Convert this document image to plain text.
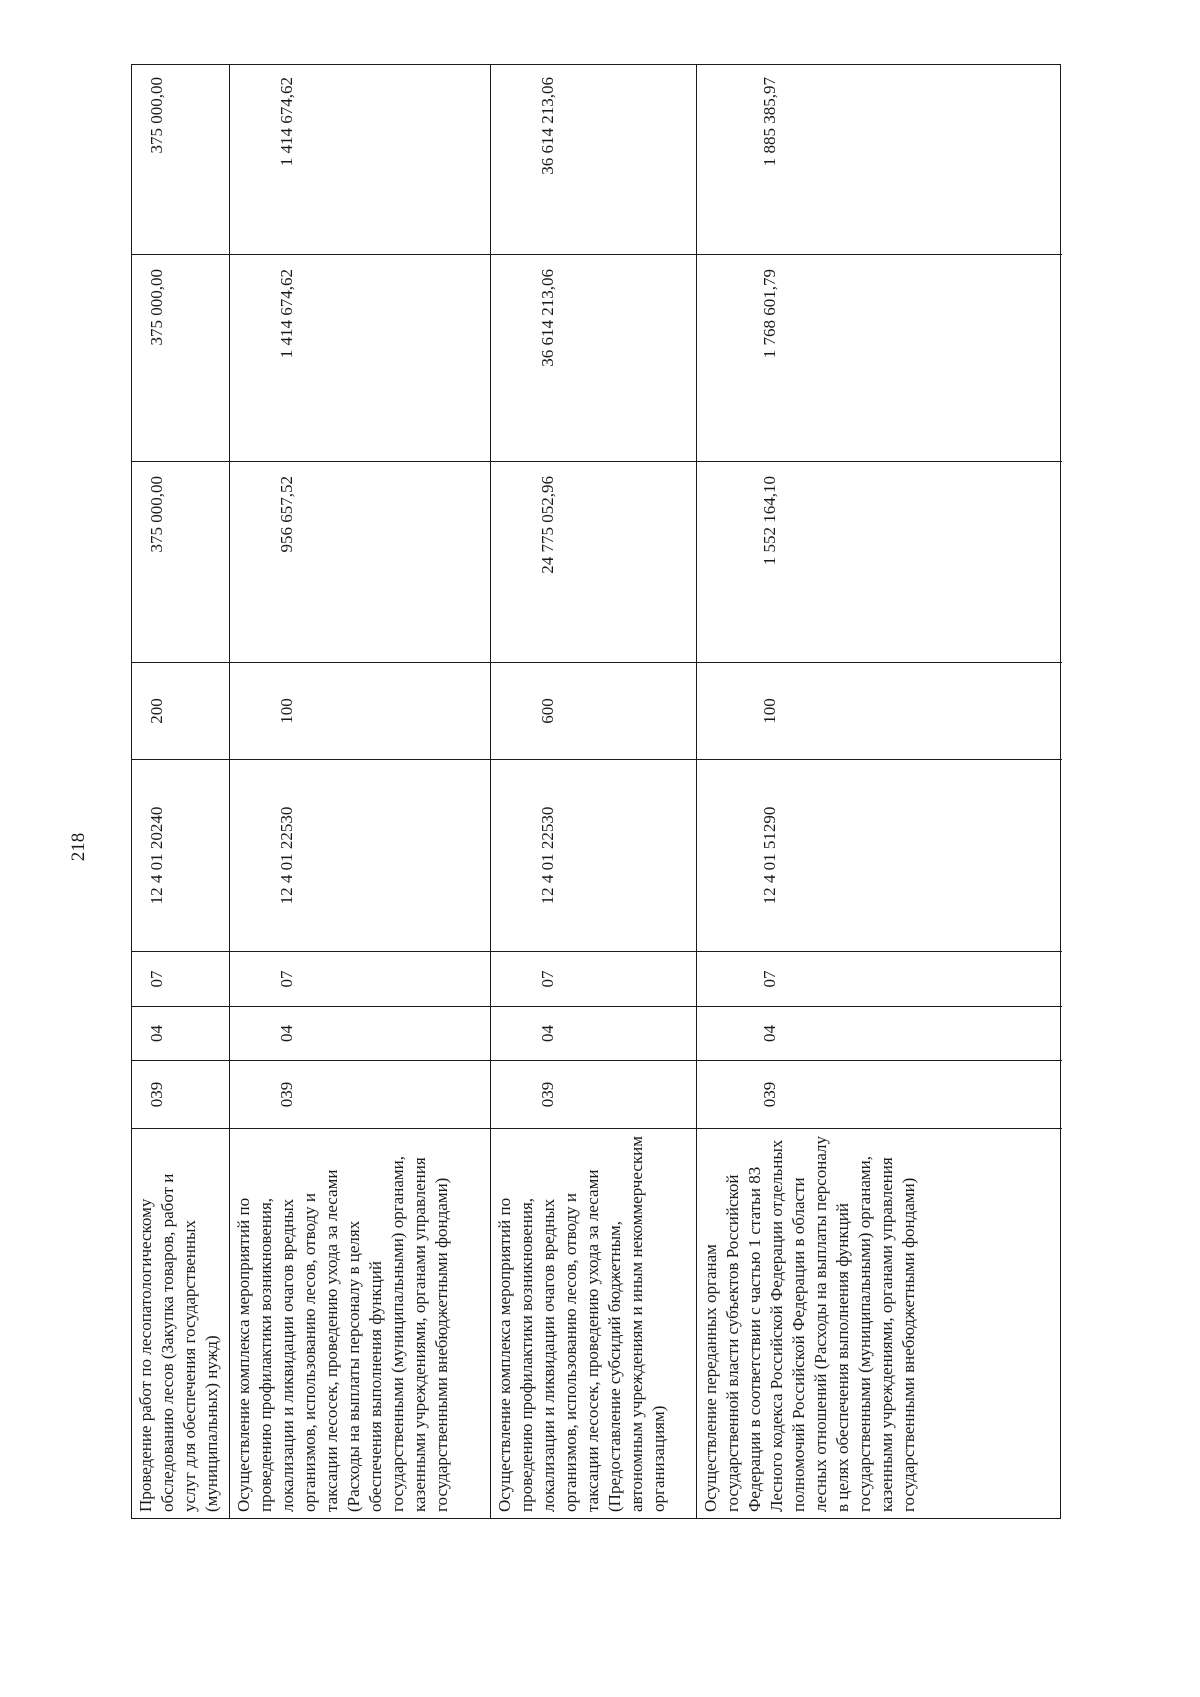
218
Проведение работ по лесопатологическому обследованию лесов (Закупка товаров, работ и услуг для обеспечения государственных (муниципальных) нужд)
039
04
07
12 4 01 20240
200
375 000,00
375 000,00
375 000,00
Осуществление комплекса мероприятий по проведению профилактики возникновения, локализации и ликвидации очагов вредных организмов, использованию лесов, отводу и таксации лесосек, проведению ухода за лесами (Расходы на выплаты персоналу в целях обеспечения выполнения функций государственными (муниципальными) органами, казенными учреждениями, органами управления государственными внебюджетными фондами)
039
04
07
12 4 01 22530
100
956 657,52
1 414 674,62
1 414 674,62
Осуществление комплекса мероприятий по проведению профилактики возникновения, локализации и ликвидации очагов вредных организмов, использованию лесов, отводу и таксации лесосек, проведению ухода за лесами (Предоставление субсидий бюджетным, автономным учреждениям и иным некоммерческим организациям)
039
04
07
12 4 01 22530
600
24 775 052,96
36 614 213,06
36 614 213,06
Осуществление переданных органам государственной власти субъектов Российской Федерации в соответствии с частью 1 статьи 83 Лесного кодекса Российской Федерации отдельных полномочий Российской Федерации в области лесных отношений (Расходы на выплаты персоналу в целях обеспечения выполнения функций государственными (муниципальными) органами, казенными учреждениями, органами управления государственными внебюджетными фондами)
039
04
07
12 4 01 51290
100
1 552 164,10
1 768 601,79
1 885 385,97
